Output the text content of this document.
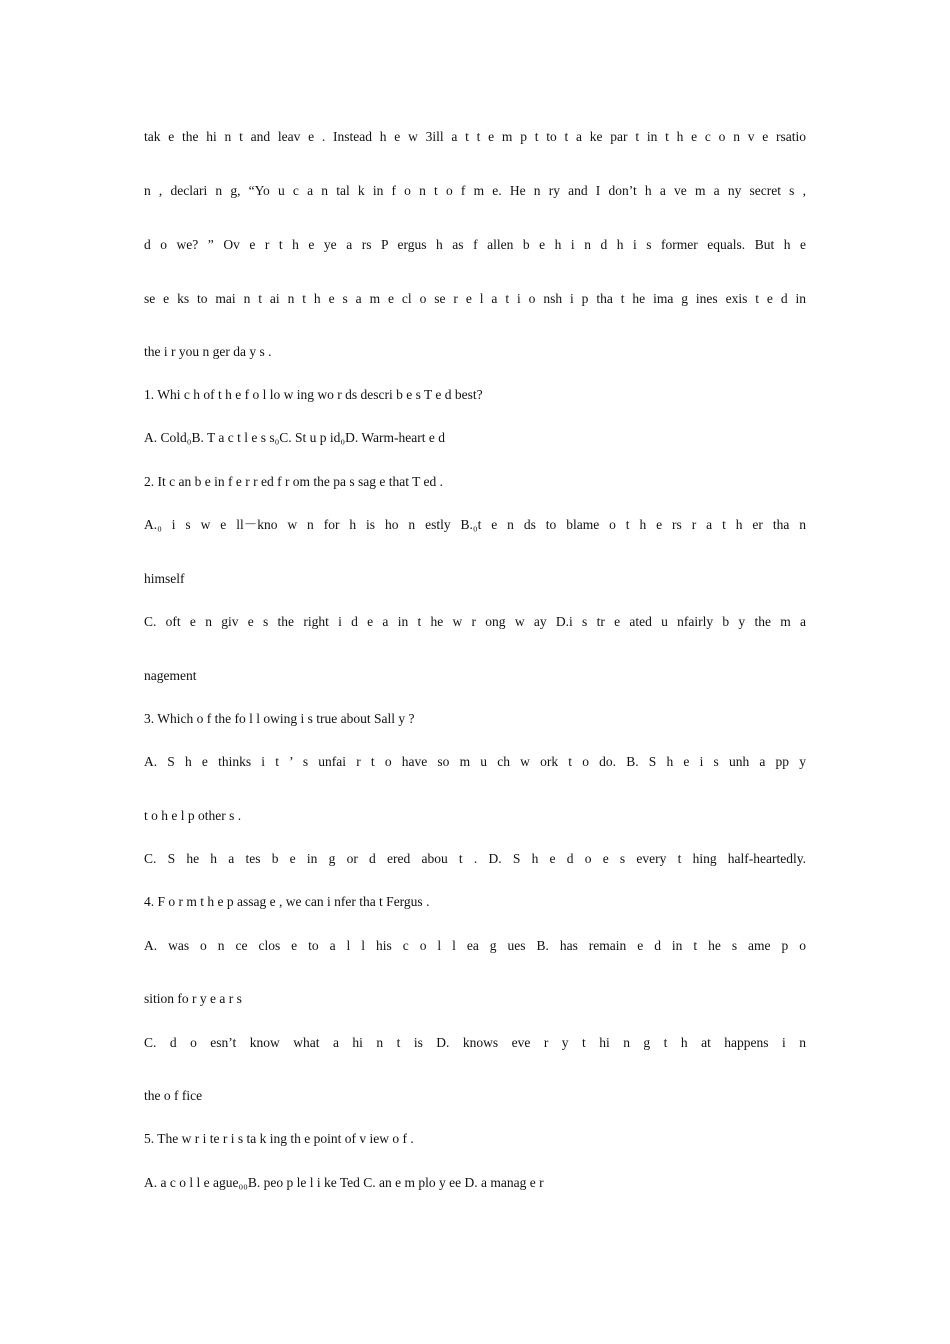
tak e the hi n t and leav e . Instead h e w 3ill a t t e m p t to t a ke par t in t h e c o n v e rsatio
n , declari n g, “Yo u c a n tal k in f o n t o f m e. He n ry and I don’t h a ve m a ny secret s ,
d o we? ” Ov e r t h e ye a rs P ergus h as f allen b e h i n d h i s former equals. But h e
se e ks to mai n t ai n t h e s a m e cl o se r e l a t i o nsh i p tha t he ima g ines exis t e d in
the i r you n ger da y s .
1. Whi c h of t h e f o l lo w ing wo r ds descri b e s T e d best?
A. Cold₀B. T a c t l e s s₀C. St u p id₀D. Warm-heart e d
2. It c an b e in f e r r ed f r om the pa s sag e that T ed .
A.₀ i s w e ll－kno w n for h is ho n estly B.₀t e n ds to blame o t h e rs r a t h er tha n
himself
C. oft e n giv e s the right i d e a in t he w r ong w ay D.i s tr e ated u nfairly b y the m a
nagement
3. Which o f the fo l l owing i s true about Sall y ?
A. S h e thinks i t ’ s unfai r t o have so m u ch w ork t o do. B. S h e i s unh a pp y
t o h e l p other s .
C. S he h a tes b e in g or d ered abou t . D. S h e d o e s every t hing half-heartedly.
4. F o r m t h e p assag e , we can i nfer tha t Fergus .
A. was o n ce clos e to a l l his c o l l ea g ues B. has remain e d in t he s ame p o
sition fo r y e a r s
C. d o esn’t know what a hi n t is D. knows eve r y t hi n g t h at happens i n
the o f fice
5. The w r i te r i s ta k ing th e point of v iew o f .
A. a c o l l e ague₀₀B. peo p le l i ke Ted C. an e m plo y ee D. a manag e r
